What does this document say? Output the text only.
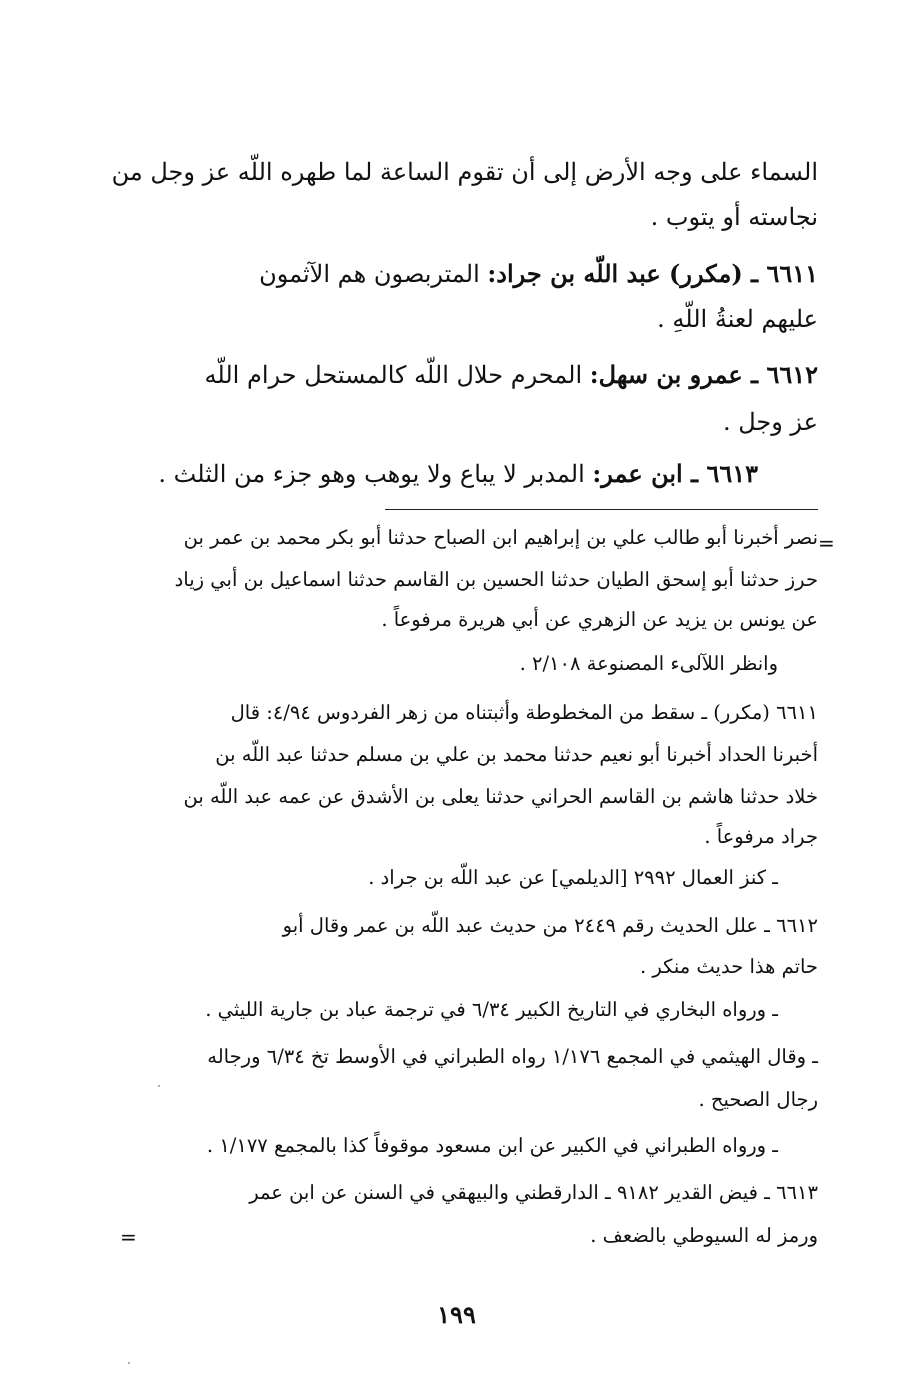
السماء على وجه الأرض إلى أن تقوم الساعة لما طهره اللّه عز وجل من
نجاسته أو يتوب .
٦٦١١ ـ (مكرر) عبد اللّه بن جراد: المتربصون هم الآثمون
عليهم لعنةُ اللّهِ .
٦٦١٢ ـ عمرو بن سهل: المحرم حلال اللّه كالمستحل حرام اللّه
عز وجل .
٦٦١٣ ـ ابن عمر: المدبر لا يباع ولا يوهب وهو جزء من الثلث .
=
نصر أخبرنا أبو طالب علي بن إبراهيم ابن الصباح حدثنا أبو بكر محمد بن عمر بن
حرز حدثنا أبو إسحق الطيان حدثنا الحسين بن القاسم حدثنا اسماعيل بن أبي زياد
عن يونس بن يزيد عن الزهري عن أبي هريرة مرفوعاً .
وانظر اللآلىء المصنوعة ٢/١٠٨ .
٦٦١١ (مكرر) ـ سقط من المخطوطة وأثبتناه من زهر الفردوس ٤/٩٤: قال
أخبرنا الحداد أخبرنا أبو نعيم حدثنا محمد بن علي بن مسلم حدثنا عبد اللّه بن
خلاد حدثنا هاشم بن القاسم الحراني حدثنا يعلى بن الأشدق عن عمه عبد اللّه بن
جراد مرفوعاً .
ـ كنز العمال ٢٩٩٢ [الديلمي] عن عبد اللّه بن جراد .
٦٦١٢ ـ علل الحديث رقم ٢٤٤٩ من حديث عبد اللّه بن عمر وقال أبو
حاتم هذا حديث منكر .
ـ ورواه البخاري في التاريخ الكبير ٦/٣٤ في ترجمة عباد بن جارية الليثي .
ـ وقال الهيثمي في المجمع ١/١٧٦ رواه الطبراني في الأوسط تخ ٦/٣٤ ورجاله
رجال الصحيح .
ـ ورواه الطبراني في الكبير عن ابن مسعود موقوفاً كذا بالمجمع ١/١٧٧ .
٦٦١٣ ـ فيض القدير ٩١٨٢ ـ الدارقطني والبيهقي في السنن عن ابن عمر
ورمز له السيوطي بالضعف .
=
١٩٩
